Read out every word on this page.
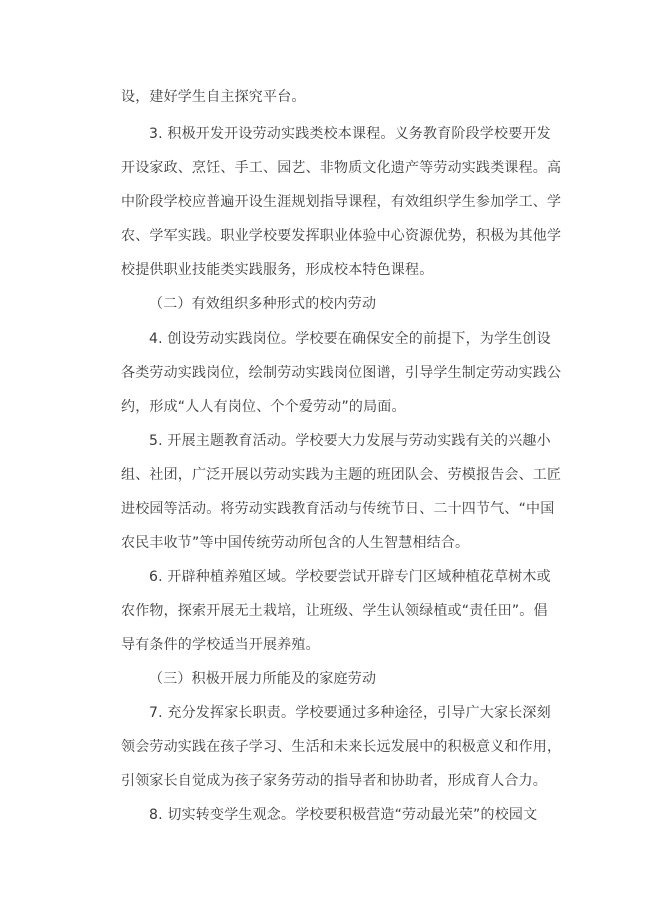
设，建好学生自主探究平台。
3. 积极开发开设劳动实践类校本课程。义务教育阶段学校要开发
开设家政、烹饪、手工、园艺、非物质文化遗产等劳动实践类课程。高
中阶段学校应普遍开设生涯规划指导课程，有效组织学生参加学工、学
农、学军实践。职业学校要发挥职业体验中心资源优势，积极为其他学
校提供职业技能类实践服务，形成校本特色课程。
（二）有效组织多种形式的校内劳动
4. 创设劳动实践岗位。学校要在确保安全的前提下，为学生创设
各类劳动实践岗位，绘制劳动实践岗位图谱，引导学生制定劳动实践公
约，形成“人人有岗位、个个爱劳动”的局面。
5. 开展主题教育活动。学校要大力发展与劳动实践有关的兴趣小
组、社团，广泛开展以劳动实践为主题的班团队会、劳模报告会、工匠
进校园等活动。将劳动实践教育活动与传统节日、二十四节气、“中国
农民丰收节”等中国传统劳动所包含的人生智慧相结合。
6. 开辟种植养殖区域。学校要尝试开辟专门区域种植花草树木或
农作物，探索开展无土栽培，让班级、学生认领绿植或“责任田”。倡
导有条件的学校适当开展养殖。
（三）积极开展力所能及的家庭劳动
7. 充分发挥家长职责。学校要通过多种途径，引导广大家长深刻
领会劳动实践在孩子学习、生活和未来长远发展中的积极意义和作用，
引领家长自觉成为孩子家务劳动的指导者和协助者，形成育人合力。
8. 切实转变学生观念。学校要积极营造“劳动最光荣”的校园文
